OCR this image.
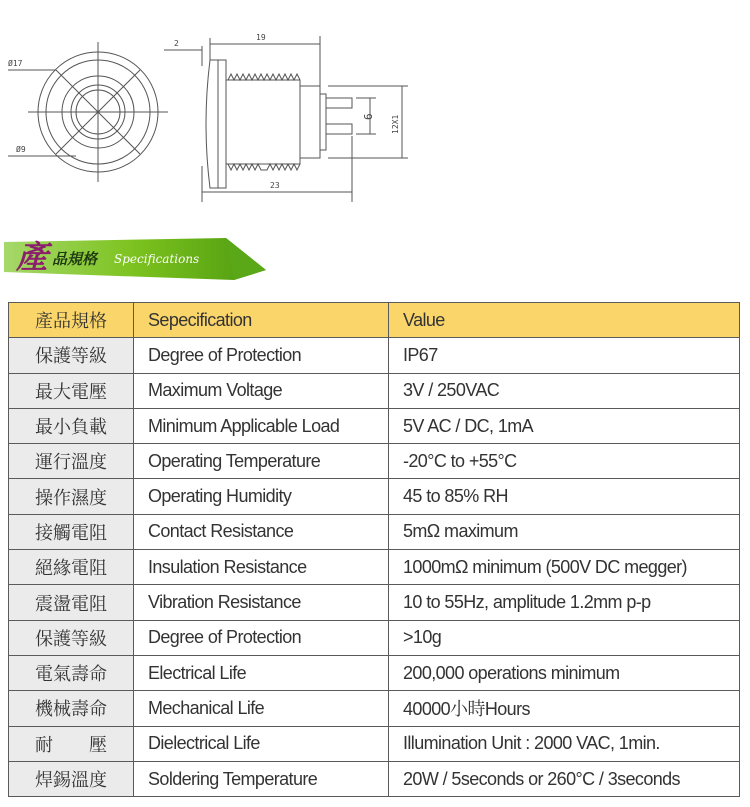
Ø17
Ø9
2
19
23
6 12X1
產 品規格 Specifications
產品規格	Sepecification	Value
保護等級	Degree of Protection	IP67
最大電壓	Maximum Voltage	3V / 250VAC
最小負載	Minimum Applicable Load	5V AC / DC, 1mA
運行溫度	Operating Temperature	-20°C to +55°C
操作濕度	Operating Humidity	45 to 85% RH
接觸電阻	Contact Resistance	5mΩ maximum
絕緣電阻	Insulation Resistance	1000mΩ minimum (500V DC megger)
震盪電阻	Vibration Resistance	10 to 55Hz, amplitude 1.2mm p-p
保護等級	Degree of Protection	>10g
電氣壽命	Electrical Life	200,000 operations minimum
機械壽命	Mechanical Life	40000小時Hours
耐　　壓	Dielectrical Life	Illumination Unit : 2000 VAC, 1min.
焊錫溫度	Soldering Temperature	20W / 5seconds or 260°C / 3seconds
